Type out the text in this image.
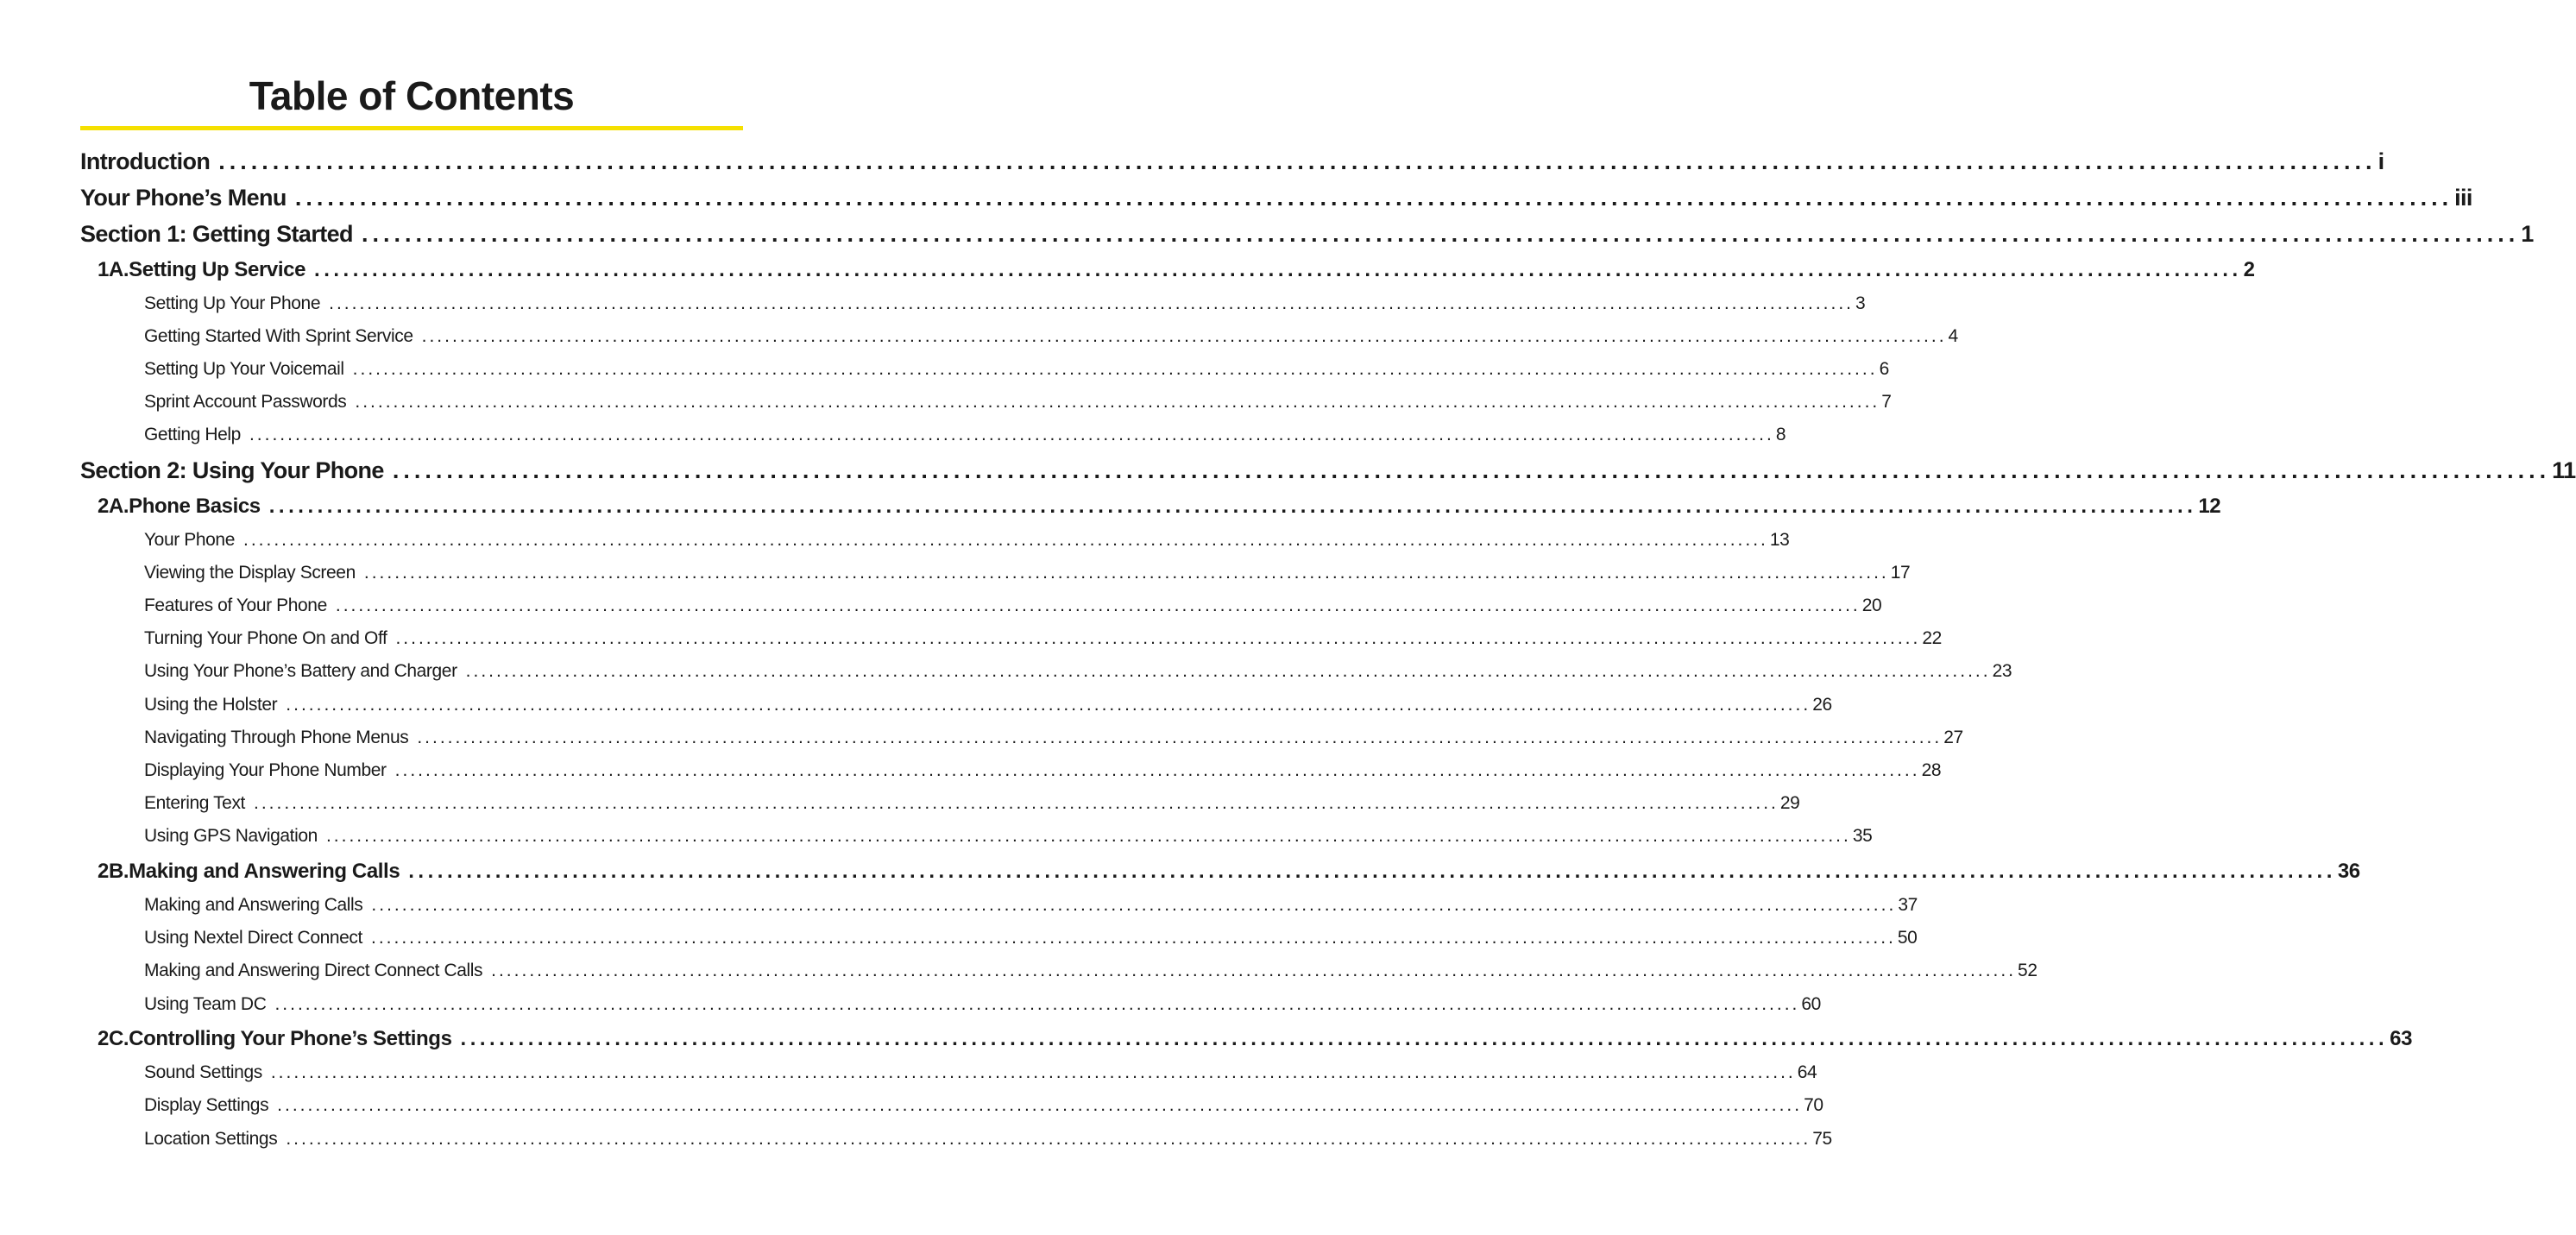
Table of Contents
Introduction ........................................................................................................................................................................................................ i
Your Phone’s Menu ........................................................................................................................................................................................................ iii
Section 1: Getting Started ........................................................................................................................................................................................................ 1
1A. Setting Up Service ........................................................................................................................................................................................................ 2
Setting Up Your Phone ........................................................................................................................................................................................................ 3
Getting Started With Sprint Service ........................................................................................................................................................................................................ 4
Setting Up Your Voicemail ........................................................................................................................................................................................................ 6
Sprint Account Passwords ........................................................................................................................................................................................................ 7
Getting Help ........................................................................................................................................................................................................ 8
Section 2: Using Your Phone ........................................................................................................................................................................................................ 11
2A. Phone Basics ........................................................................................................................................................................................................ 12
Your Phone ........................................................................................................................................................................................................ 13
Viewing the Display Screen ........................................................................................................................................................................................................ 17
Features of Your Phone ........................................................................................................................................................................................................ 20
Turning Your Phone On and Off ........................................................................................................................................................................................................ 22
Using Your Phone’s Battery and Charger ........................................................................................................................................................................................................ 23
Using the Holster ........................................................................................................................................................................................................ 26
Navigating Through Phone Menus ........................................................................................................................................................................................................ 27
Displaying Your Phone Number ........................................................................................................................................................................................................ 28
Entering Text ........................................................................................................................................................................................................ 29
Using GPS Navigation ........................................................................................................................................................................................................ 35
2B. Making and Answering Calls ........................................................................................................................................................................................................ 36
Making and Answering Calls ........................................................................................................................................................................................................ 37
Using Nextel Direct Connect ........................................................................................................................................................................................................ 50
Making and Answering Direct Connect Calls ........................................................................................................................................................................................................ 52
Using Team DC ........................................................................................................................................................................................................ 60
2C. Controlling Your Phone’s Settings ........................................................................................................................................................................................................ 63
Sound Settings ........................................................................................................................................................................................................ 64
Display Settings ........................................................................................................................................................................................................ 70
Location Settings ........................................................................................................................................................................................................ 75
